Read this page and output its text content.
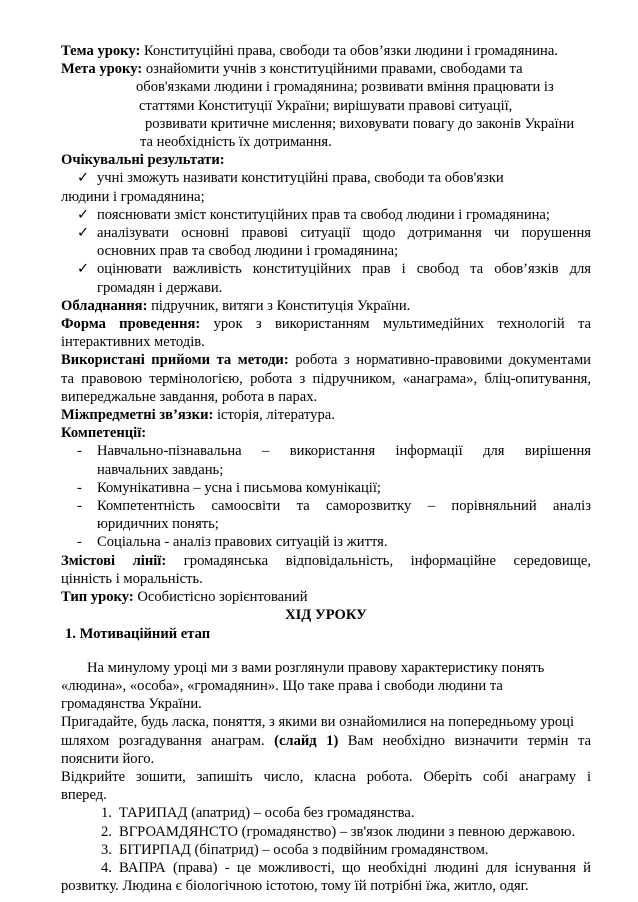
Тема уроку: Конституційні права, свободи та обов’язки людини і громадянина.
Мета уроку: ознайомити учнів з конституційними правами, свободами та
обов'язками людини і громадянина; розвивати вміння працювати із
статтями Конституції України; вирішувати правові ситуації,
розвивати критичне мислення; виховувати повагу до законів України
та необхідність їх дотримання.
Очікувальні результати:
✓ учні зможуть називати конституційні права, свободи та обов'язки
людини і громадянина;
✓ пояснювати зміст конституційних прав та свобод людини і громадянина;
✓ аналізувати основні правові ситуації щодо дотримання чи порушення
основних прав та свобод людини і громадянина;
✓ оцінювати важливість конституційних прав і свобод та обов’язків для
громадян і держави.
Обладнання: підручник, витяги з Конституція України.
Форма проведення: урок з використанням мультимедійних технологій та
інтерактивних методів.
Використані прийоми та методи: робота з нормативно-правовими документами
та правовою термінологією, робота з підручником, «анаграма», бліц-опитування,
випереджальне завдання, робота в парах.
Міжпредметні зв’язки: історія, література.
Компетенції:
-	Навчально-пізнавальна – використання інформації для вирішення
навчальних завдань;
- Комунікативна – усна і письмова комунікації;
-	Компетентність самоосвіти та саморозвитку – порівняльний аналіз
юридичних понять;
- Соціальна - аналіз правових ситуацій із життя.
Змістові лінії: громадянська відповідальність, інформаційне середовище,
цінність і моральність.
Тип уроку: Особистісно зорієнтований
ХІД УРОКУ
1. Мотиваційний етап
На минулому уроці ми з вами розглянули правову характеристику понять
«людина», «особа», «громадянин». Що таке права і свободи людини та
громадянства України.
Пригадайте, будь ласка, поняття, з якими ви ознайомилися на попередньому уроці
шляхом розгадування анаграм. (слайд 1) Вам необхідно визначити термін та
пояснити його.
Відкрийте зошити, запишіть число, класна робота. Оберіть собі анаграму і
вперед.
1. ТАРИПАД (апатрид) – особа без громадянства.
2. ВГРОАМДЯНСТО (громадянство) – зв'язок людини з певною державою.
3. БІТИРПАД (біпатрид) – особа з подвійним громадянством.
4. ВАПРА (права) - це можливості, що необхідні людині для існування й
розвитку. Людина є біологічною істотою, тому їй потрібні їжа, житло, одяг.
